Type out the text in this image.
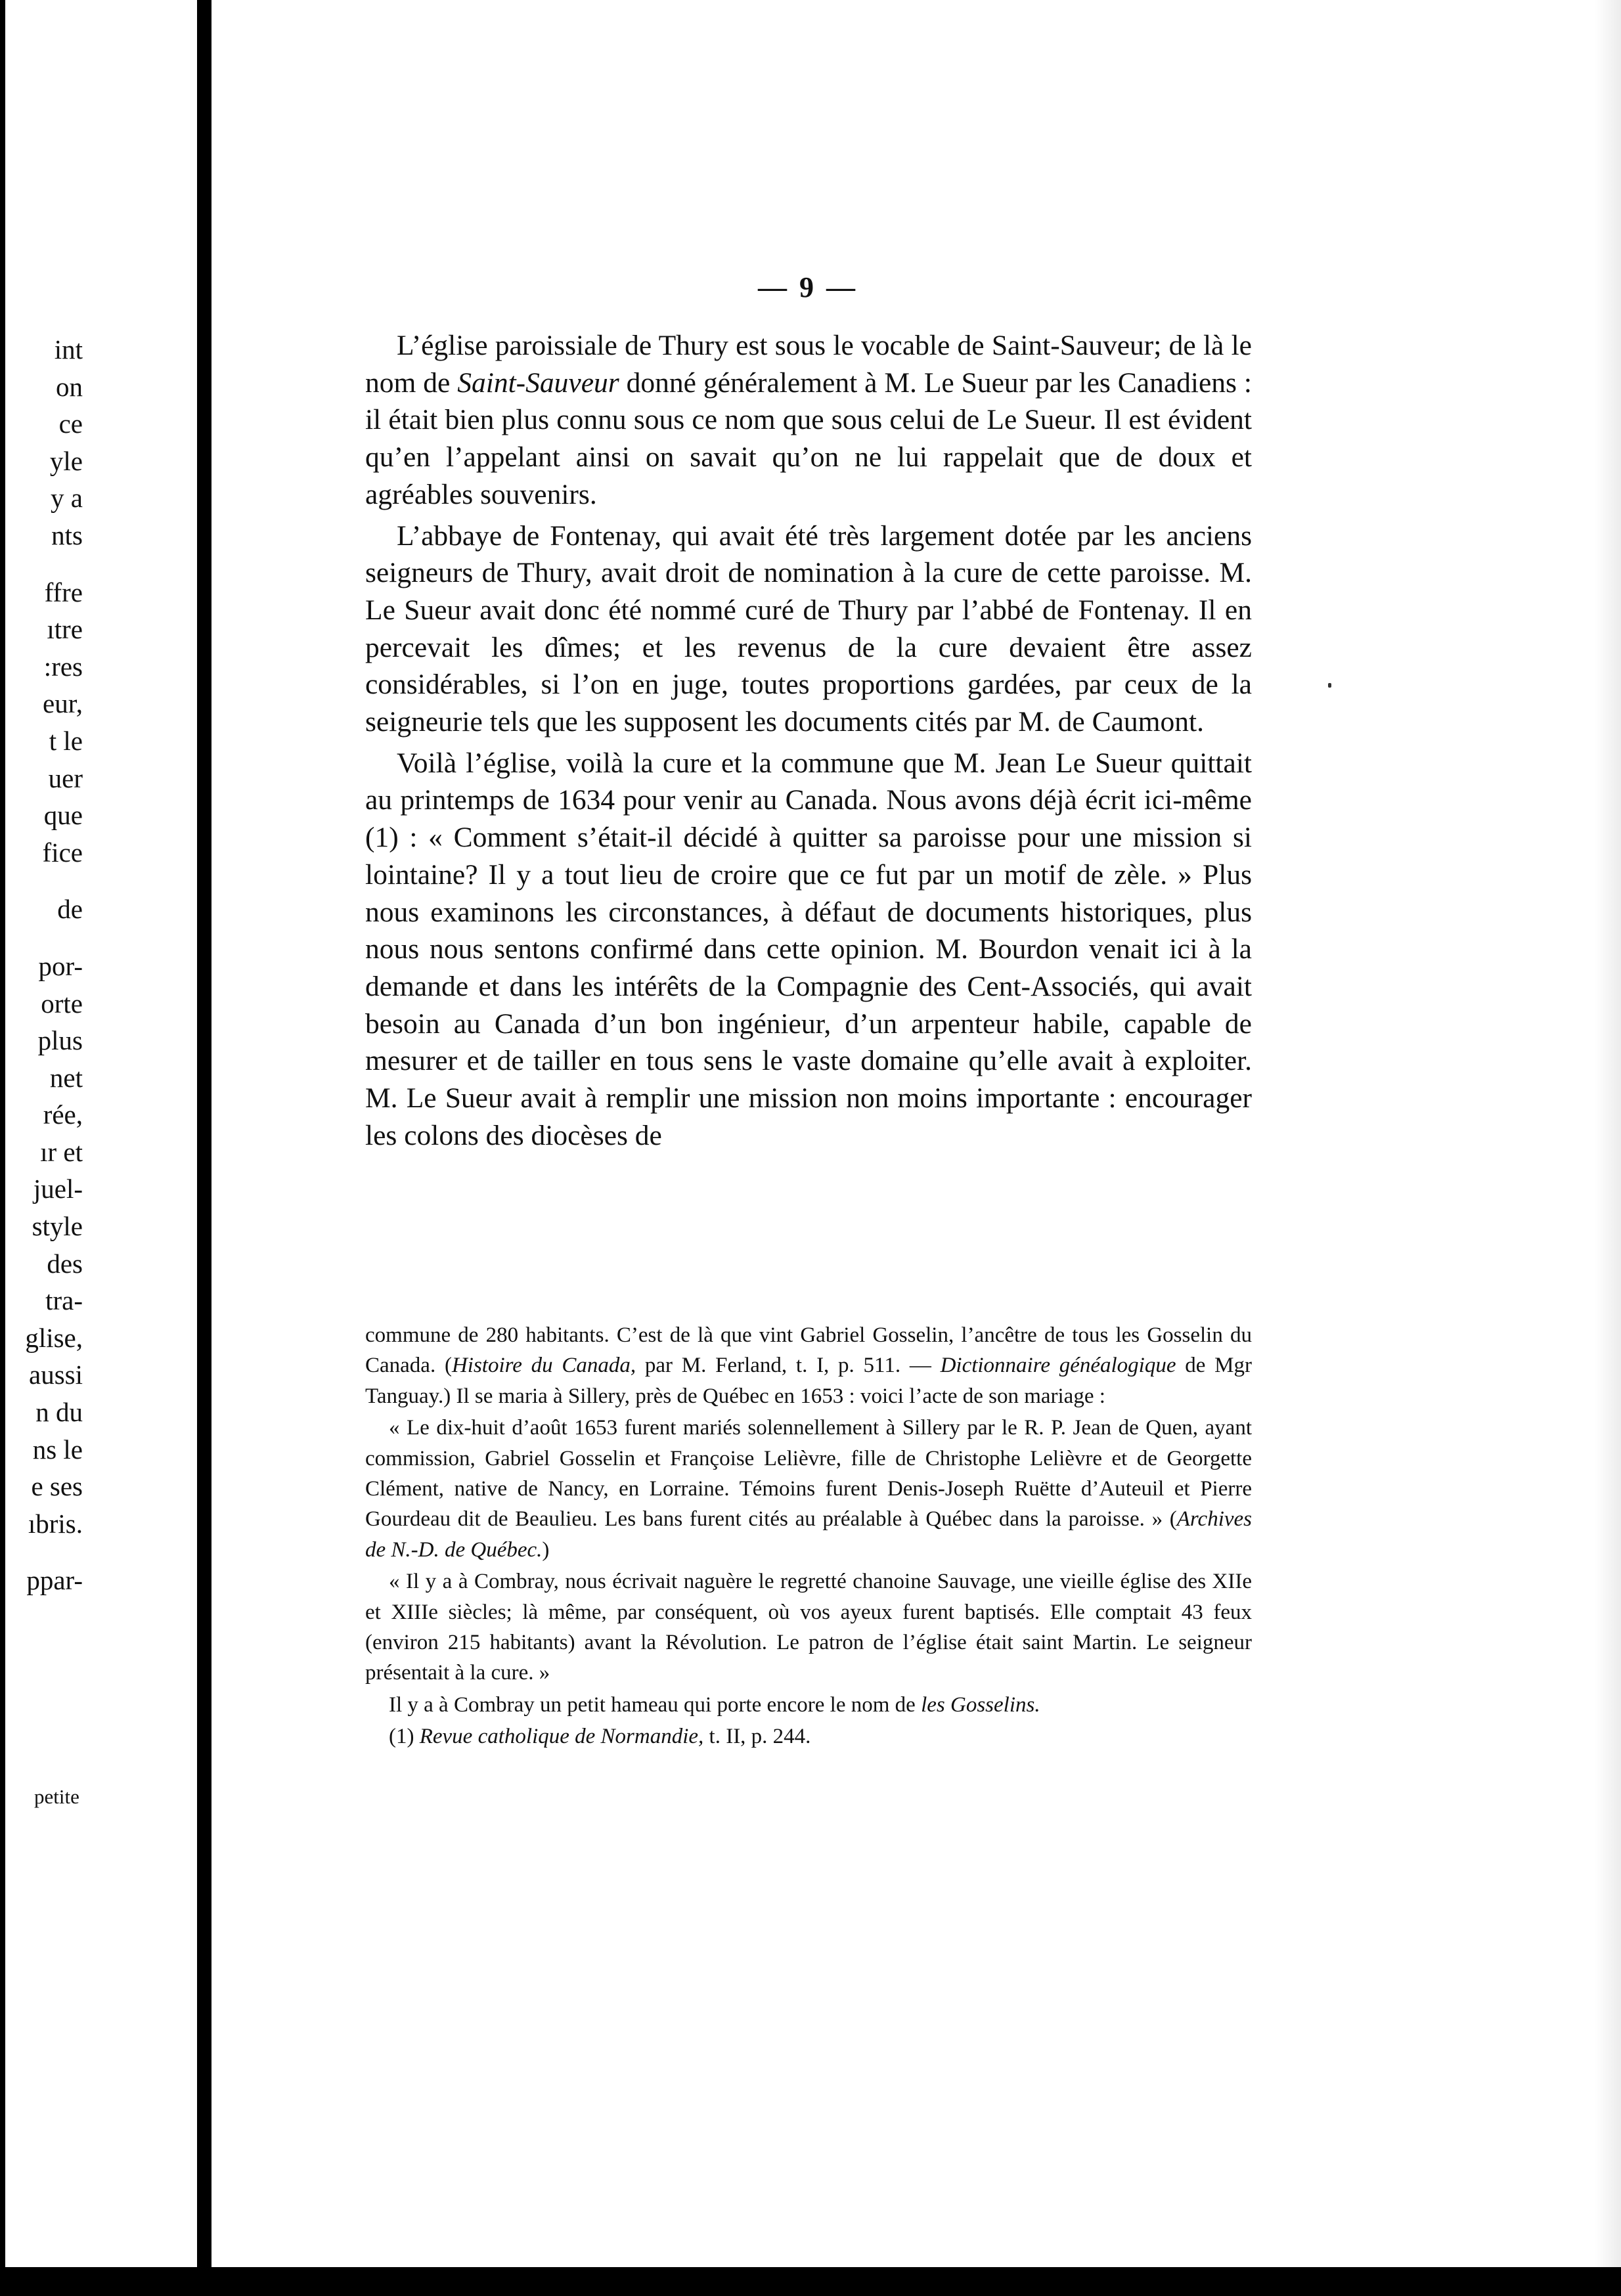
int
on
ce
yle
y a
nts
ffre
ıtre
:res
eur,
t le
uer
que
fice
de
por-
orte
plus
net
rée,
ır et
juel-
style
des
tra-
glise,
aussi
n du
ns le
e ses
ıbris.
ppar-
petite
— 9 —

L’église paroissiale de Thury est sous le vocable de Saint-Sauveur; de là le nom de Saint-Sauveur donné généralement à M. Le Sueur par les Canadiens : il était bien plus connu sous ce nom que sous celui de Le Sueur. Il est évident qu’en l’appelant ainsi on savait qu’on ne lui rappelait que de doux et agréables souvenirs.

L’abbaye de Fontenay, qui avait été très largement dotée par les anciens seigneurs de Thury, avait droit de nomination à la cure de cette paroisse. M. Le Sueur avait donc été nommé curé de Thury par l’abbé de Fontenay. Il en percevait les dîmes; et les revenus de la cure devaient être assez considérables, si l’on en juge, toutes proportions gardées, par ceux de la seigneurie tels que les supposent les documents cités par M. de Caumont.

Voilà l’église, voilà la cure et la commune que M. Jean Le Sueur quittait au printemps de 1634 pour venir au Canada. Nous avons déjà écrit ici-même (1) : « Comment s’était-il décidé à quitter sa paroisse pour une mission si lointaine? Il y a tout lieu de croire que ce fut par un motif de zèle. » Plus nous examinons les circonstances, à défaut de documents historiques, plus nous nous sentons confirmé dans cette opinion. M. Bourdon venait ici à la demande et dans les intérêts de la Compagnie des Cent-Associés, qui avait besoin au Canada d’un bon ingénieur, d’un arpenteur habile, capable de mesurer et de tailler en tous sens le vaste domaine qu’elle avait à exploiter. M. Le Sueur avait à remplir une mission non moins importante : encourager les colons des diocèses de

commune de 280 habitants. C’est de là que vint Gabriel Gosselin, l’ancêtre de tous les Gosselin du Canada. (Histoire du Canada, par M. Ferland, t. I, p. 511. — Dictionnaire généalogique de Mgr Tanguay.) Il se maria à Sillery, près de Québec en 1653 : voici l’acte de son mariage :

« Le dix-huit d’août 1653 furent mariés solennellement à Sillery par le R. P. Jean de Quen, ayant commission, Gabriel Gosselin et Françoise Lelièvre, fille de Christophe Lelièvre et de Georgette Clément, native de Nancy, en Lorraine. Témoins furent Denis-Joseph Ruëtte d’Auteuil et Pierre Gourdeau dit de Beaulieu. Les bans furent cités au préalable à Québec dans la paroisse. » (Archives de N.-D. de Québec.)

« Il y a à Combray, nous écrivait naguère le regretté chanoine Sauvage, une vieille église des XIIe et XIIIe siècles; là même, par conséquent, où vos ayeux furent baptisés. Elle comptait 43 feux (environ 215 habitants) avant la Révolution. Le patron de l’église était saint Martin. Le seigneur présentait à la cure. »

Il y a à Combray un petit hameau qui porte encore le nom de les Gosselins.

(1) Revue catholique de Normandie, t. II, p. 244.
